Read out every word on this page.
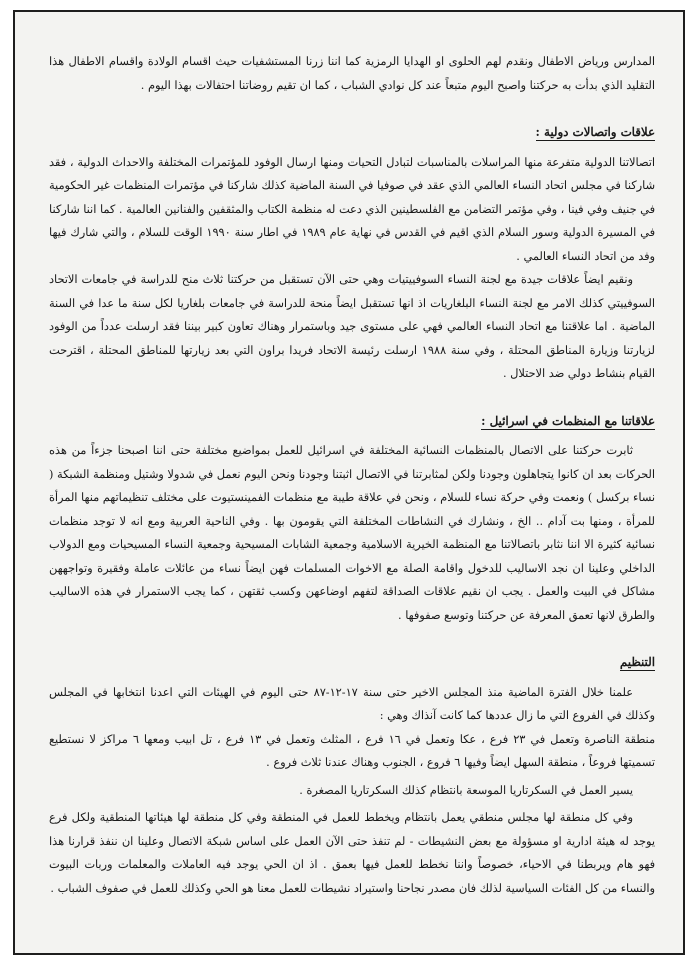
المدارس ورياض الاطفال ونقدم لهم الحلوى او الهدايا الرمزية كما اننا زرنا المستشفيات حيث اقسام الولادة واقسام الاطفال هذا التقليد الذي بدأت به حركتنا واصبح اليوم متبعاً عند كل نوادي الشباب ، كما ان تقيم روضاتنا احتفالات بهذا اليوم .

علاقات واتصالات دولية :

اتصالاتنا الدولية متفرعة منها المراسلات بالمناسبات لتبادل التحيات ومنها ارسال الوفود للمؤتمرات المختلفة والاحداث الدولية ، فقد شاركنا في مجلس اتحاد النساء العالمي الذي عقد في صوفيا في السنة الماضية كذلك شاركنا في مؤتمرات المنظمات غير الحكومية في جنيف وفي فينا ، وفي مؤتمر التضامن مع الفلسطينين الذي دعت له منظمة الكتاب والمثقفين والفنانين العالمية . كما اننا شاركنا في المسيرة الدولية وسور السلام الذي اقيم في القدس في نهاية عام ١٩٨٩ في اطار سنة ١٩٩٠ الوقت للسلام ، والتي شارك فيها وفد من اتحاد النساء العالمي .

ونقيم ايضاً علاقات جيدة مع لجنة النساء السوفييتيات وهي حتى الآن تستقبل من حركتنا ثلاث منح للدراسة في جامعات الاتحاد السوفييتي كذلك الامر مع لجنة النساء البلغاريات اذ انها تستقبل ايضاً منحة للدراسة في جامعات بلغاريا لكل سنة ما عدا في السنة الماضية . اما علاقتنا مع اتحاد النساء العالمي فهي على مستوى جيد وباستمرار وهناك تعاون كبير بيننا فقد ارسلت عدداً من الوفود لزيارتنا وزيارة المناطق المحتلة ، وفي سنة ١٩٨٨ ارسلت رئيسة الاتحاد فريدا براون التي بعد زيارتها للمناطق المحتلة ، اقترحت القيام بنشاط دولي ضد الاحتلال .

علاقاتنا مع المنظمات في اسرائيل :

ثابرت حركتنا على الاتصال بالمنظمات النسائية المختلفة في اسرائيل للعمل بمواضيع مختلفة حتى اننا اصبحنا جزءاً من هذه الحركات بعد ان كانوا يتجاهلون وجودنا ولكن لمثابرتنا في الاتصال اثبتنا وجودنا ونحن اليوم نعمل في شدولا وشتيل ومنظمة الشبكة ( نساء بركسل ) ونعمت وفي حركة نساء للسلام ، ونحن في علاقة طيبة مع منظمات الفمينستيوت على مختلف تنظيماتهم منها المرأة للمرأة ، ومنها بت آدام .. الخ ، ونشارك في النشاطات المختلفة التي يقومون بها . وفي الناحية العربية ومع انه لا توجد منظمات نسائية كثيرة الا اننا نثابر باتصالاتنا مع المنظمة الخيرية الاسلامية وجمعية الشابات المسيحية وجمعية النساء المسيحيات ومع الدولاب الداخلي وعلينا ان نجد الاساليب للدخول واقامة الصلة مع الاخوات المسلمات فهن ايضاً نساء من عائلات عاملة وفقيرة وتواجههن مشاكل في البيت والعمل . يجب ان نقيم علاقات الصداقة لتفهم اوضاعهن وكسب ثقتهن ، كما يجب الاستمرار في هذه الاساليب والطرق لانها تعمق المعرفة عن حركتنا وتوسع صفوفها .

التنظيم

علمنا خلال الفترة الماضية منذ المجلس الاخير حتى سنة ١٧-١٢-٨٧ حتى اليوم في الهيئات التي اعدنا انتخابها في المجلس وكذلك في الفروع التي ما زال عددها كما كانت آنذاك وهي :

منطقة الناصرة وتعمل في ٢٣ فرع ، عكا وتعمل في ١٦ فرع ، المثلث وتعمل في ١٣ فرع ، تل ابيب ومعها ٦ مراكز لا نستطيع تسميتها فروعاً ، منطقة السهل ايضاً وفيها ٦ فروع ، الجنوب وهناك عندنا ثلاث فروع .

يسير العمل في السكرتاريا الموسعة بانتظام كذلك السكرتاريا المصغرة .

وفي كل منطقة لها مجلس منطقي يعمل بانتظام ويخطط للعمل في المنطقة وفي كل منطقة لها هيئاتها المنطقية ولكل فرع يوجد له هيئة ادارية او مسؤولة مع بعض النشيطات - لم تنفذ حتى الآن العمل على اساس شبكة الاتصال وعلينا ان ننفذ قرارنا هذا فهو هام ويربطنا في الاحياء، خصوصاً واننا نخطط للعمل فيها بعمق . اذ ان الحي يوجد فيه العاملات والمعلمات وربات البيوت والنساء من كل الفئات السياسية لذلك فان مصدر نجاحنا واستيراد نشيطات للعمل معنا هو الحي وكذلك للعمل في صفوف الشباب .
